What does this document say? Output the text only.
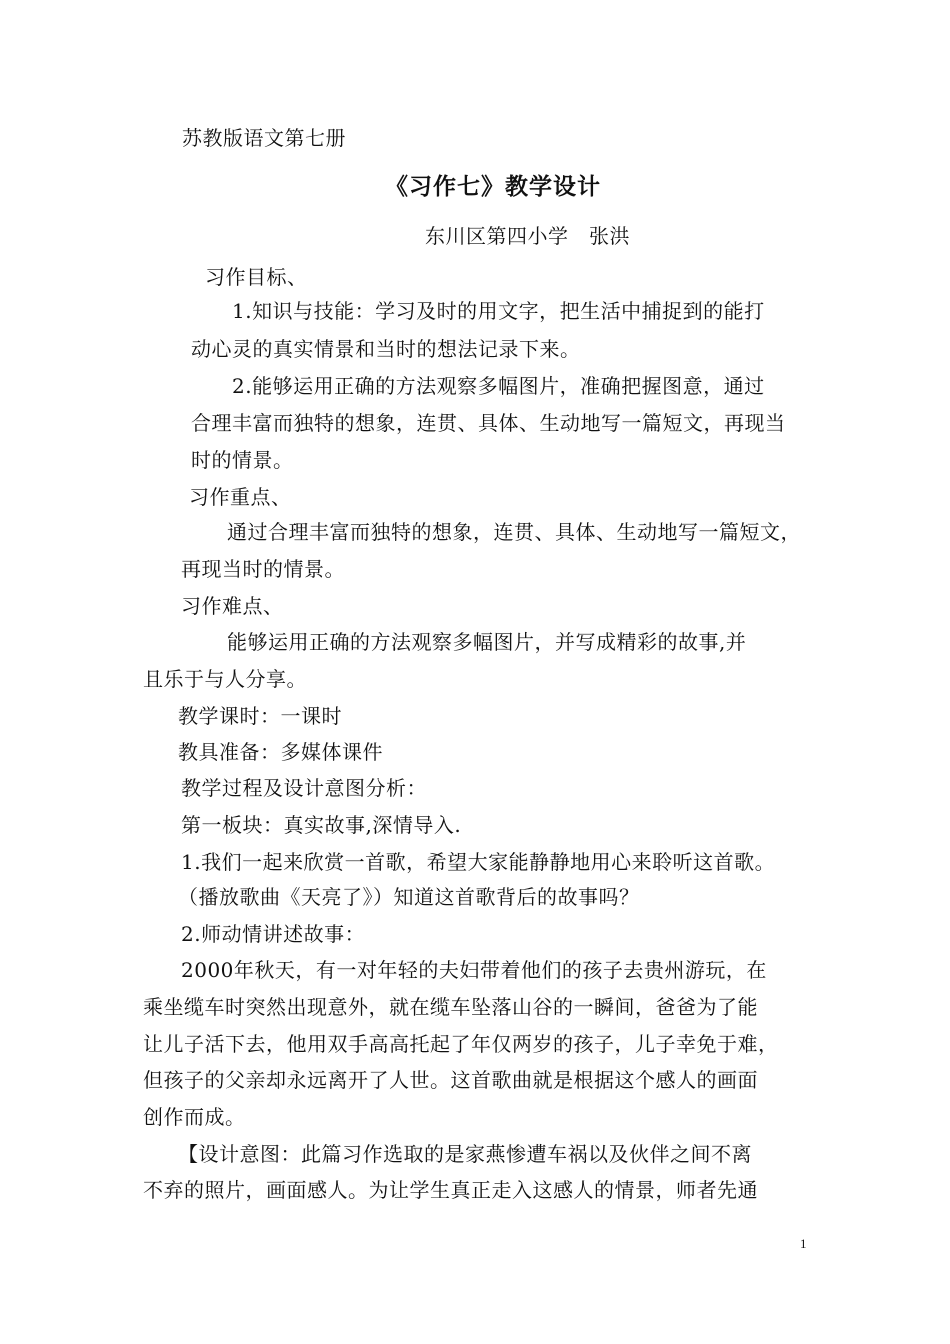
苏教版语文第七册
《习作七》教学设计
东川区第四小学　张洪
习作目标、
1.知识与技能：学习及时的用文字，把生活中捕捉到的能打
动心灵的真实情景和当时的想法记录下来。
2.能够运用正确的方法观察多幅图片，准确把握图意，通过
合理丰富而独特的想象，连贯、具体、生动地写一篇短文，再现当
时的情景。
习作重点、
通过合理丰富而独特的想象，连贯、具体、生动地写一篇短文，
再现当时的情景。
习作难点、
能够运用正确的方法观察多幅图片，并写成精彩的故事,并
且乐于与人分享。
教学课时：一课时
教具准备：多媒体课件
教学过程及设计意图分析：
第一板块：真实故事,深情导入.
1.我们一起来欣赏一首歌，希望大家能静静地用心来聆听这首歌。
（播放歌曲《天亮了》）知道这首歌背后的故事吗？
2.师动情讲述故事：
2000年秋天，有一对年轻的夫妇带着他们的孩子去贵州游玩，在
乘坐缆车时突然出现意外，就在缆车坠落山谷的一瞬间，爸爸为了能
让儿子活下去，他用双手高高托起了年仅两岁的孩子，儿子幸免于难，
但孩子的父亲却永远离开了人世。这首歌曲就是根据这个感人的画面
创作而成。
【设计意图：此篇习作选取的是家燕惨遭车祸以及伙伴之间不离
不弃的照片，画面感人。为让学生真正走入这感人的情景，师者先通
1
